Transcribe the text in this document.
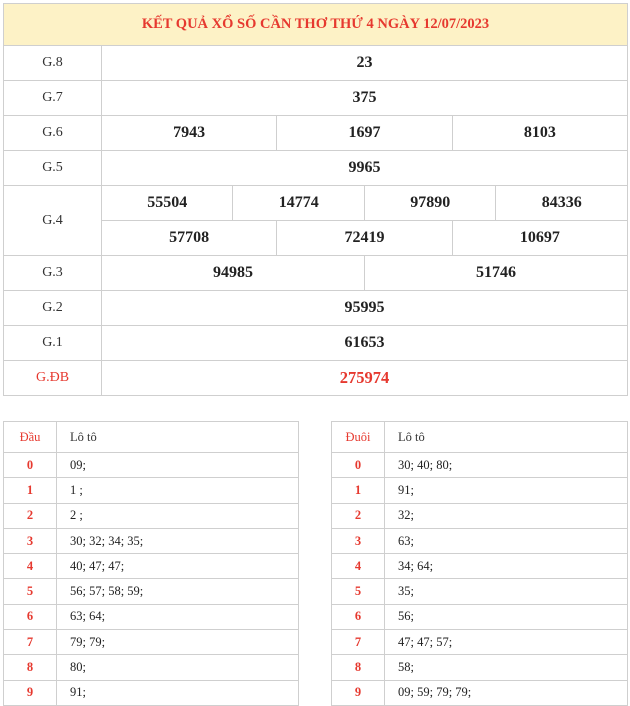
KẾT QUẢ XỔ SỐ CẦN THƠ THỨ 4 NGÀY 12/07/2023						
G.8	23					
G.7	375					
G.6	7943		1697		8103	
G.5	9965					
G.4	55504	14774		97890		84336
	57708		72419		10697	
G.3	94985			51746		
G.2	95995					
G.1	61653					
G.ĐB	275974					
Đầu	Lô tô
0	09;
1	1 ;
2	2 ;
3	30; 32; 34; 35;
4	40; 47; 47;
5	56; 57; 58; 59;
6	63; 64;
7	79; 79;
8	80;
9	91;
Đuôi	Lô tô
0	30; 40; 80;
1	91;
2	32;
3	63;
4	34; 64;
5	35;
6	56;
7	47; 47; 57;
8	58;
9	09; 59; 79; 79;
